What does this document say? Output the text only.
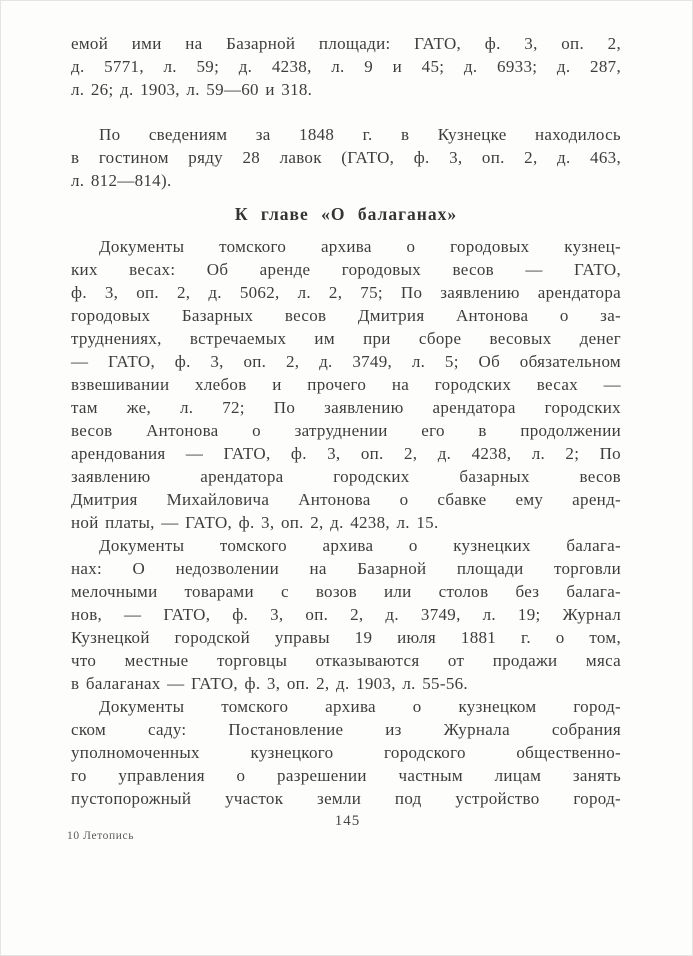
емой ими на Базарной площади: ГАТО, ф. 3, оп. 2,
д. 5771, л. 59; д. 4238, л. 9 и 45; д. 6933; д. 287,
л. 26; д. 1903, л. 59—60 и 318.
По сведениям за 1848 г. в Кузнецке находилось
в гостином ряду 28 лавок (ГАТО, ф. 3, оп. 2, д. 463,
л. 812—814).
К главе «О балаганах»
Документы томского архива о городовых кузнец-
ких весах: Об аренде городовых весов — ГАТО,
ф. 3, оп. 2, д. 5062, л. 2, 75; По заявлению арендатора
городовых Базарных весов Дмитрия Антонова о за-
труднениях, встречаемых им при сборе весовых денег
— ГАТО, ф. 3, оп. 2, д. 3749, л. 5; Об обязательном
взвешивании хлебов и прочего на городских весах —
там же, л. 72; По заявлению арендатора городских
весов Антонова о затруднении его в продолжении
арендования — ГАТО, ф. 3, оп. 2, д. 4238, л. 2; По
заявлению арендатора городских базарных весов
Дмитрия Михайловича Антонова о сбавке ему аренд-
ной платы, — ГАТО, ф. 3, оп. 2, д. 4238, л. 15.
Документы томского архива о кузнецких балага-
нах: О недозволении на Базарной площади торговли
мелочными товарами с возов или столов без балага-
нов, — ГАТО, ф. 3, оп. 2, д. 3749, л. 19; Журнал
Кузнецкой городской управы 19 июля 1881 г. о том,
что местные торговцы отказываются от продажи мяса
в балаганах — ГАТО, ф. 3, оп. 2, д. 1903, л. 55-56.
Документы томского архива о кузнецком город-
ском саду: Постановление из Журнала собрания
уполномоченных кузнецкого городского общественно-
го управления о разрешении частным лицам занять
пустопорожный участок земли под устройство город-
145
10 Летопись
